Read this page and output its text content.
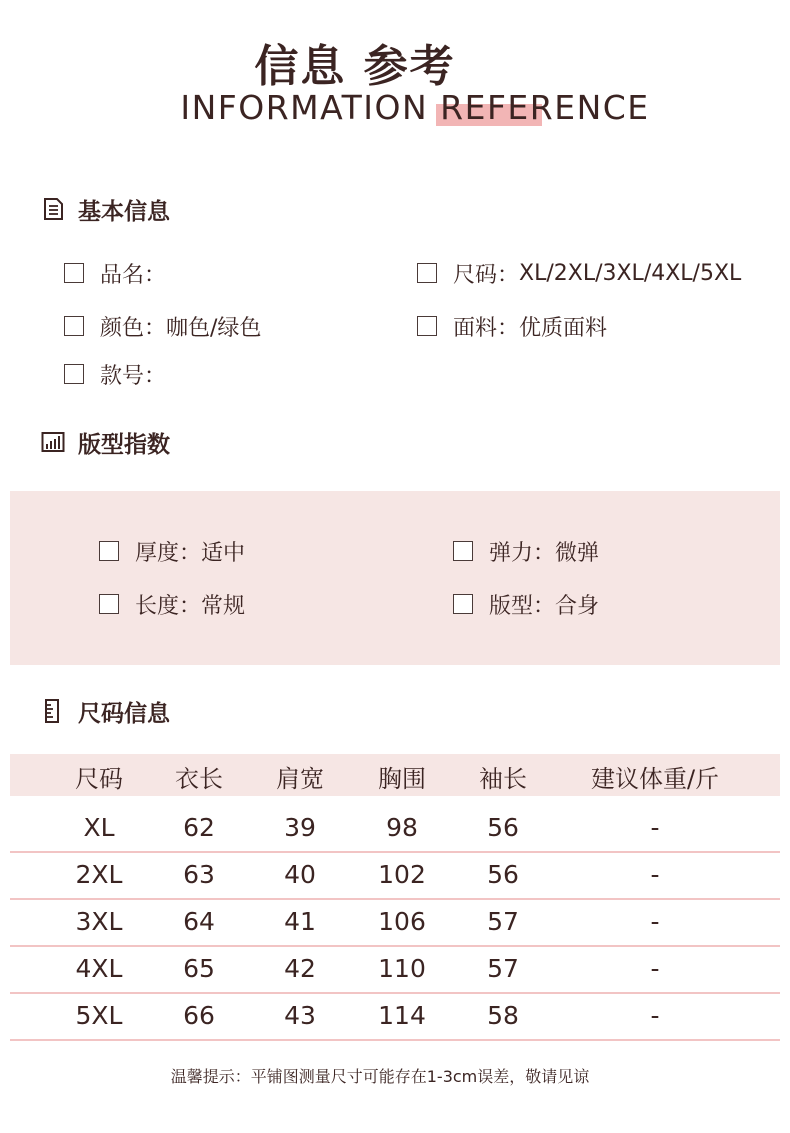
信息 参考
INFORMATION REFERENCE
基本信息
品名：	尺码： XL/2XL/3XL/4XL/5XL
颜色： 咖色/绿色	面料： 优质面料
款号：
版型指数
厚度： 适中	弹力： 微弹
长度： 常规	版型： 合身
尺码信息
尺码	衣长	肩宽	胸围	袖长	建议体重/斤
XL	62	39	98	56	-
2XL	63	40	102	56	-
3XL	64	41	106	57	-
4XL	65	42	110	57	-
5XL	66	43	114	58	-
温馨提示：平铺图测量尺寸可能存在1-3cm误差，敬请见谅
